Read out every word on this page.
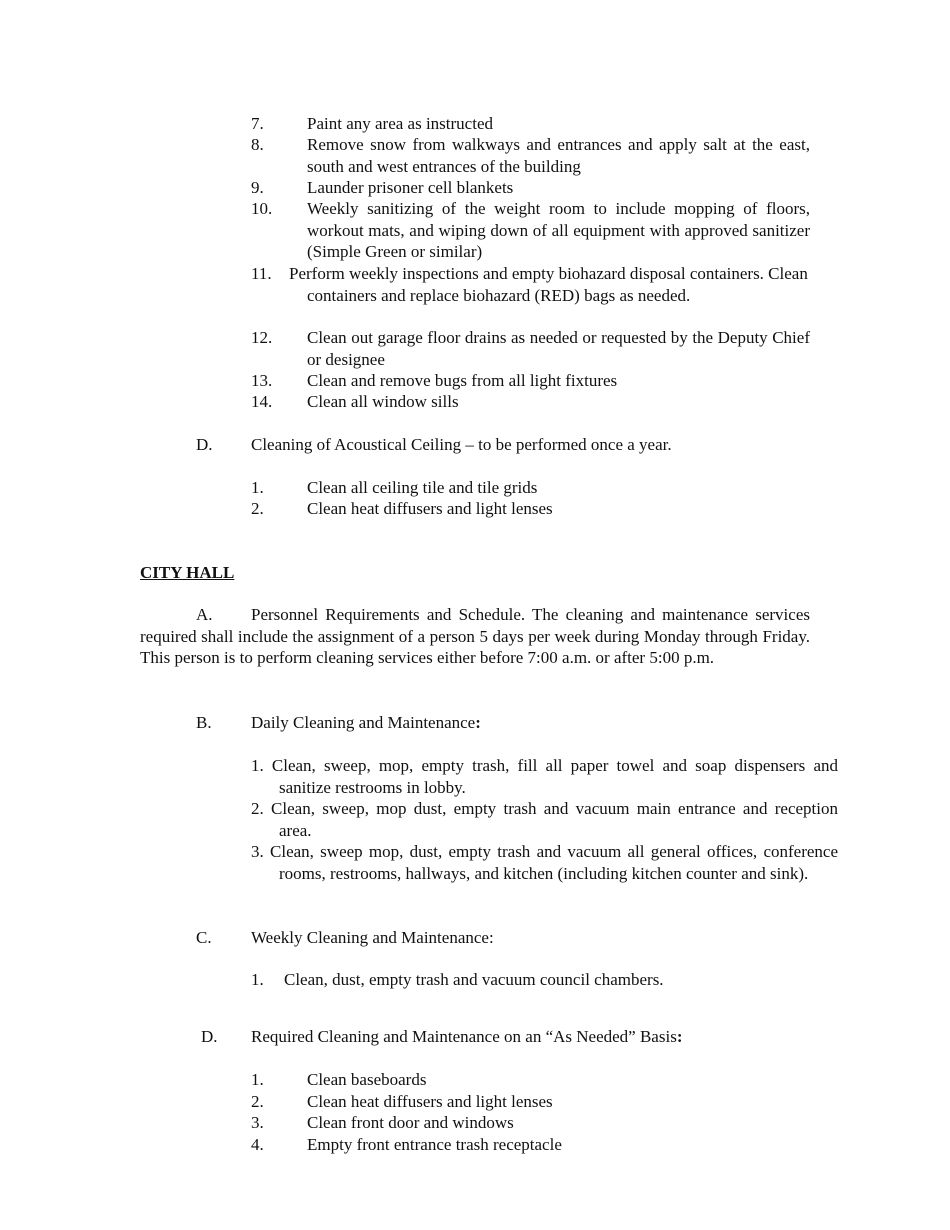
7.	Paint any area as instructed
8.	Remove snow from walkways and entrances and apply salt at the east, south and west entrances of the building
9.	Launder prisoner cell blankets
10. Weekly sanitizing of the weight room to include mopping of floors, workout mats, and wiping down of all equipment with approved sanitizer (Simple Green or similar)
11. Perform weekly inspections and empty biohazard disposal containers. Clean containers and replace biohazard (RED) bags as needed.
12. Clean out garage floor drains as needed or requested by the Deputy Chief or designee
13. Clean and remove bugs from all light fixtures
14. Clean all window sills
D. Cleaning of Acoustical Ceiling – to be performed once a year.
1.	Clean all ceiling tile and tile grids
2.	Clean heat diffusers and light lenses
CITY HALL
A. Personnel Requirements and Schedule. The cleaning and maintenance services required shall include the assignment of a person 5 days per week during Monday through Friday. This person is to perform cleaning services either before 7:00 a.m. or after 5:00 p.m.
B. Daily Cleaning and Maintenance:
1. Clean, sweep, mop, empty trash, fill all paper towel and soap dispensers and sanitize restrooms in lobby.
2. Clean, sweep, mop dust, empty trash and vacuum main entrance and reception area.
3. Clean, sweep mop, dust, empty trash and vacuum all general offices, conference rooms, restrooms, hallways, and kitchen (including kitchen counter and sink).
C. Weekly Cleaning and Maintenance:
1. Clean, dust, empty trash and vacuum council chambers.
D. Required Cleaning and Maintenance on an “As Needed” Basis:
1.	Clean baseboards
2.	Clean heat diffusers and light lenses
3.	Clean front door and windows
4.	Empty front entrance trash receptacle
